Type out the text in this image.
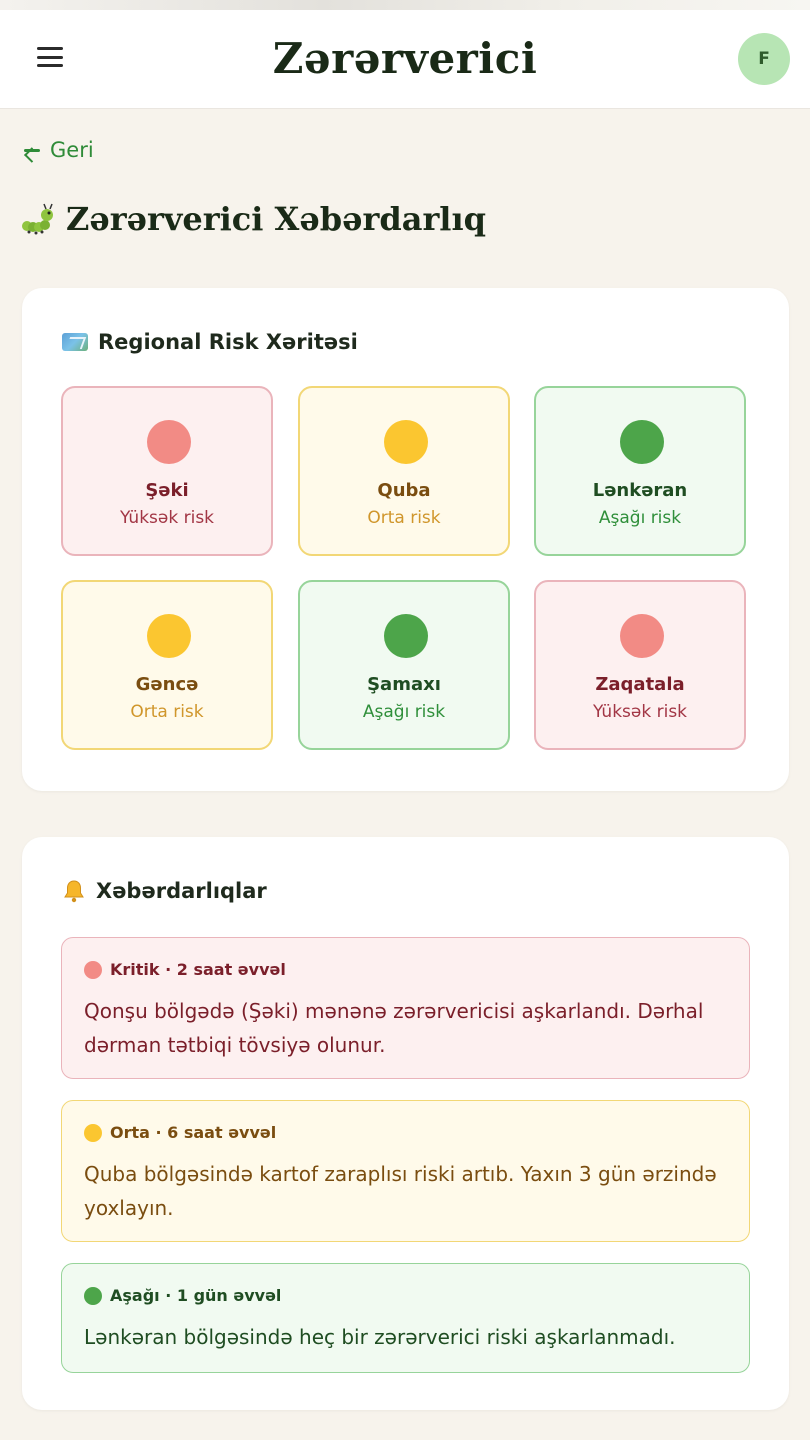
Zərərverici	F
Geri
Zərərverici Xəbərdarlıq
Regional Risk Xəritəsi
Şəki
Yüksək risk
Quba
Orta risk
Lənkəran
Aşağı risk
Gəncə
Orta risk
Şamaxı
Aşağı risk
Zaqatala
Yüksək risk
Xəbərdarlıqlar
Kritik · 2 saat əvvəl
Qonşu bölgədə (Şəki) mənənə zərərvericisi aşkarlandı. Dərhal dərman tətbiqi tövsiyə olunur.
Orta · 6 saat əvvəl
Quba bölgəsində kartof zarарlısı riski artıb. Yaxın 3 gün ərzində yoxlayın.
Aşağı · 1 gün əvvəl
Lənkəran bölgəsində heç bir zərərverici riski aşkarlanmadı.
